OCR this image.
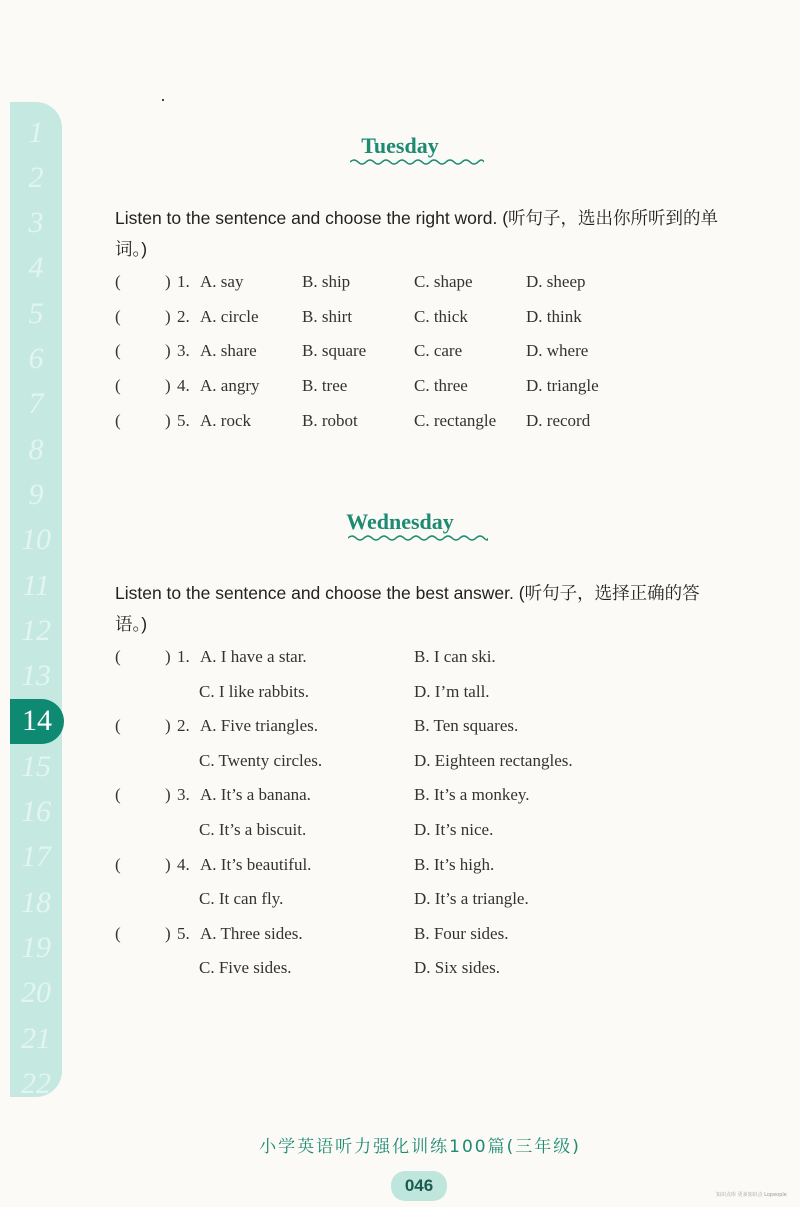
1
2
3
4
5
6
7
8
9
10
11
12
13
14
15
16
17
18
19
20
21
22
Tuesday
Listen to the sentence and choose the right word. (听句子，选出你所听到的单词。)
(	) 1. A. say	B. ship	C. shape	D. sheep
(	) 2. A. circle	B. shirt	C. thick	D. think
(	) 3. A. share	B. square	C. care	D. where
(	) 4. A. angry	B. tree	C. three	D. triangle
(	) 5. A. rock	B. robot	C. rectangle D. record
Wednesday
Listen to the sentence and choose the best answer. (听句子，选择正确的答语。)
(	) 1. A. I have a star.	B. I can ski.
C. I like rabbits.	D. I’m tall.
(	) 2. A. Five triangles.	B. Ten squares.
C. Twenty circles.	D. Eighteen rectangles.
(	) 3. A. It’s a banana.	B. It’s a monkey.
C. It’s a biscuit.	D. It’s nice.
(	) 4. A. It’s beautiful.	B. It’s high.
C. It can fly.	D. It’s a triangle.
(	) 5. A. Three sides.	B. Four sides.
C. Five sides.	D. Six sides.
小学英语听力强化训练100篇(三年级)
046	知识点库 更多知识点 Lopeople
